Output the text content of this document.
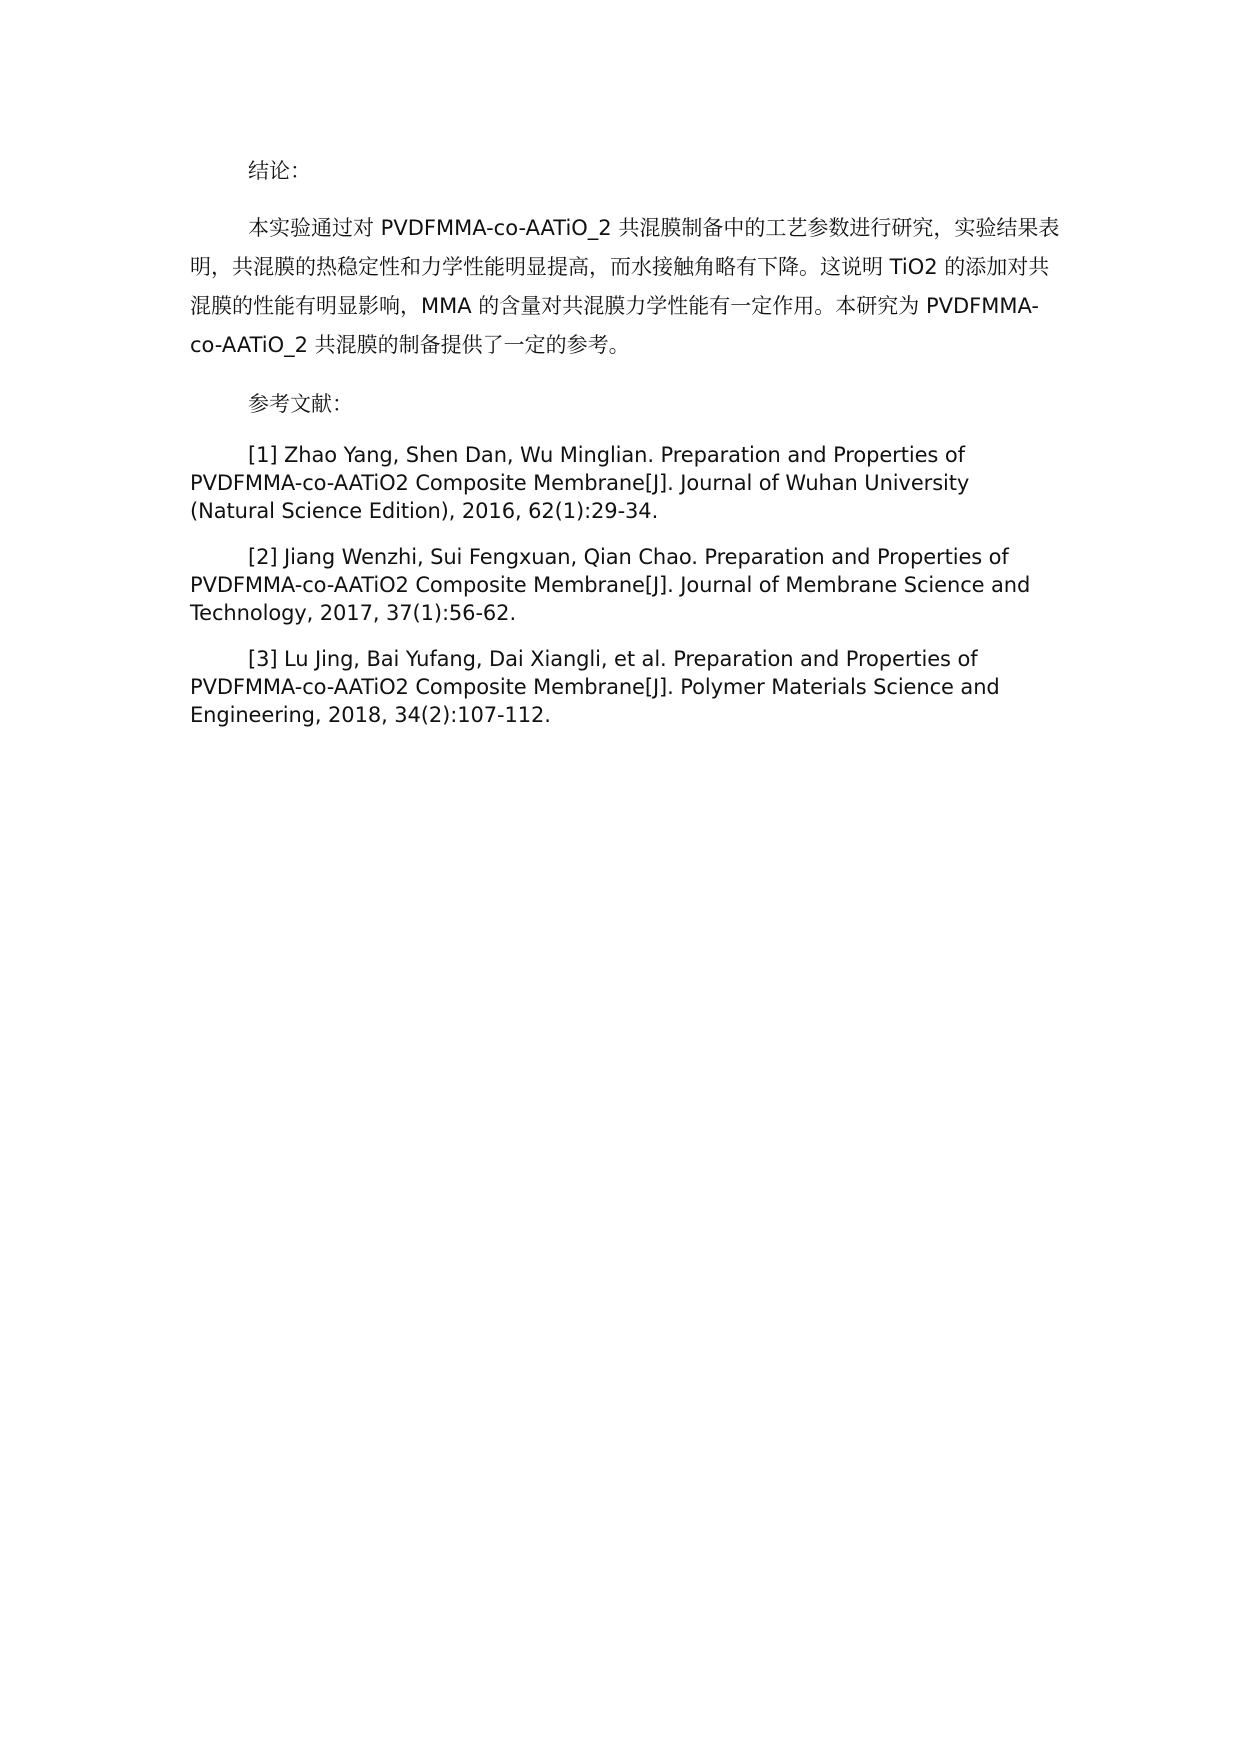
结论：

本实验通过对 PVDFMMA-co-AATiO_2 共混膜制备中的工艺参数进行研究，实验结果表明，共混膜的热稳定性和力学性能明显提高，而水接触角略有下降。这说明 TiO2 的添加对共混膜的性能有明显影响，MMA 的含量对共混膜力学性能有一定作用。本研究为 PVDFMMA-co-AATiO_2 共混膜的制备提供了一定的参考。

参考文献：

[1] Zhao Yang, Shen Dan, Wu Minglian. Preparation and Properties of PVDFMMA-co-AATiO2 Composite Membrane[J]. Journal of Wuhan University (Natural Science Edition), 2016, 62(1):29-34.

[2] Jiang Wenzhi, Sui Fengxuan, Qian Chao. Preparation and Properties of PVDFMMA-co-AATiO2 Composite Membrane[J]. Journal of Membrane Science and Technology, 2017, 37(1):56-62.

[3] Lu Jing, Bai Yufang, Dai Xiangli, et al. Preparation and Properties of PVDFMMA-co-AATiO2 Composite Membrane[J]. Polymer Materials Science and Engineering, 2018, 34(2):107-112.
